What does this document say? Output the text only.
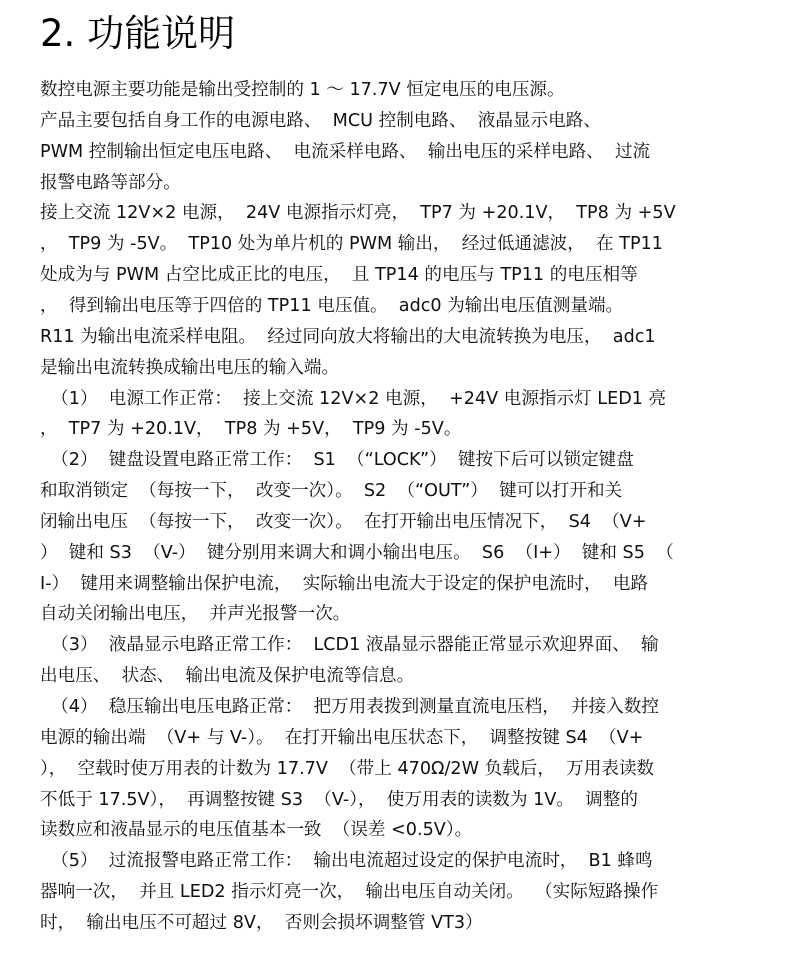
2. 功能说明
数控电源主要功能是输出受控制的 1 ～ 17.7V 恒定电压的电压源。
产品主要包括自身工作的电源电路、  MCU 控制电路、  液晶显示电路、
PWM 控制输出恒定电压电路、  电流采样电路、  输出电压的采样电路、  过流
报警电路等部分。
接上交流 12V×2 电源，  24V 电源指示灯亮，  TP7 为 +20.1V，  TP8 为 +5V
，  TP9 为 -5V。  TP10 处为单片机的 PWM 输出，  经过低通滤波，  在 TP11
处成为与 PWM 占空比成正比的电压，  且 TP14 的电压与 TP11 的电压相等
，  得到输出电压等于四倍的 TP11 电压值。  adc0 为输出电压值测量端。
R11 为输出电流采样电阻。  经过同向放大将输出的大电流转换为电压，  adc1
是输出电流转换成输出电压的输入端。
（1）  电源工作正常：  接上交流 12V×2 电源，  +24V 电源指示灯 LED1 亮
，  TP7 为 +20.1V，  TP8 为 +5V，  TP9 为 -5V。
（2）  键盘设置电路正常工作：  S1  （“LOCK”）  键按下后可以锁定键盘
和取消锁定  （每按一下，  改变一次）。  S2  （“OUT”）  键可以打开和关
闭输出电压  （每按一下，  改变一次）。  在打开输出电压情况下，  S4  （V+
）  键和 S3  （V-）  键分别用来调大和调小输出电压。  S6  （I+）  键和 S5  （
I-）  键用来调整输出保护电流，  实际输出电流大于设定的保护电流时，  电路
自动关闭输出电压，  并声光报警一次。
（3）  液晶显示电路正常工作：  LCD1 液晶显示器能正常显示欢迎界面、  输
出电压、  状态、  输出电流及保护电流等信息。
（4）  稳压输出电压电路正常：  把万用表拨到测量直流电压档，  并接入数控
电源的输出端  （V+ 与 V-）。  在打开输出电压状态下，  调整按键 S4  （V+
），  空载时使万用表的计数为 17.7V  （带上 470Ω/2W 负载后，  万用表读数
不低于 17.5V），  再调整按键 S3  （V-），  使万用表的读数为 1V。  调整的
读数应和液晶显示的电压值基本一致  （误差 <0.5V）。
（5）  过流报警电路正常工作：  输出电流超过设定的保护电流时，  B1 蜂鸣
器响一次，  并且 LED2 指示灯亮一次，  输出电压自动关闭。  （实际短路操作
时，  输出电压不可超过 8V，  否则会损坏调整管 VT3）
